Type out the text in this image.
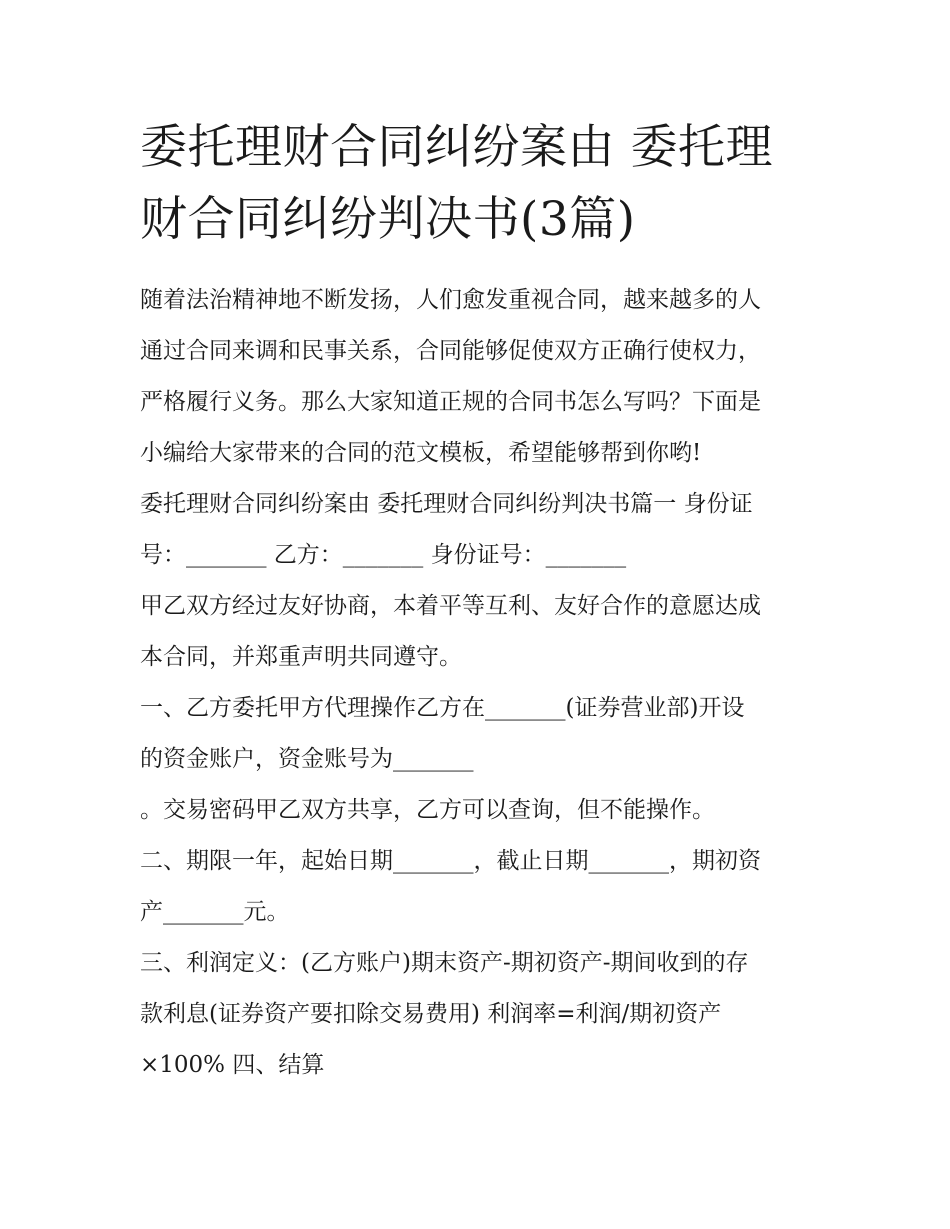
委托理财合同纠纷案由 委托理财合同纠纷判决书(3篇)

随着法治精神地不断发扬，人们愈发重视合同，越来越多的人

通过合同来调和民事关系，合同能够促使双方正确行使权力，

严格履行义务。那么大家知道正规的合同书怎么写吗？下面是

小编给大家带来的合同的范文模板，希望能够帮到你哟!

委托理财合同纠纷案由 委托理财合同纠纷判决书篇一 身份证

号：_______ 乙方：_______ 身份证号：_______

甲乙双方经过友好协商，本着平等互利、友好合作的意愿达成

本合同，并郑重声明共同遵守。

一、乙方委托甲方代理操作乙方在_______(证券营业部)开设

的资金账户，资金账号为_______

。交易密码甲乙双方共享，乙方可以查询，但不能操作。

二、期限一年，起始日期_______，截止日期_______，期初资

产_______元。

三、利润定义：(乙方账户)期末资产-期初资产-期间收到的存

款利息(证券资产要扣除交易费用) 利润率=利润/期初资产

×100% 四、结算
